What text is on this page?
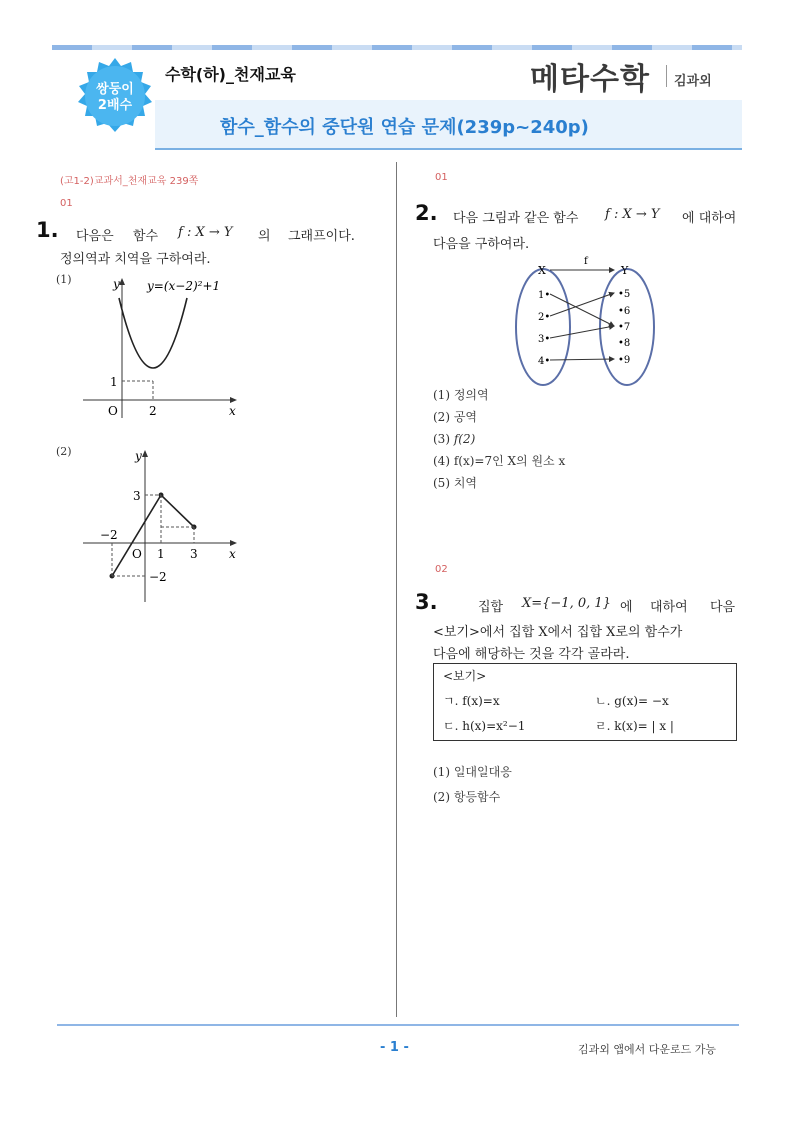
쌍둥이
2배수
수학(하)_천재교육	메타수학 김과외
함수_함수의 중단원 연습 문제(239p~240p)
(고1-2)교과서_천재교육 239쪽
01
1. 다음은 함수 f : X → Y 의 그래프이다.
정의역과 치역을 구하여라.
(1)	y y=(x−2)²+1
1
O	2	x
(2)	y
3
−2
O 1 3
−2
x
01
2. 다음 그림과 같은 함수 f : X → Y 에 대하여
다음을 구하여라.
X	Y
f
1•
2•
3•
4•
•5
•6
•7
•8
•9
(1) 정의역
(2) 공역
(3) f(2)
(4) f(x)=7인 X의 원소 x
(5) 치역
02
3.	집합 X={−1, 0, 1} 에 대하여 다음
<보기>에서 집합 X에서 집합 X로의 함수가
다음에 해당하는 것을 각각 골라라.
<보기>
ㄱ. f(x)=x	ㄴ. g(x)= −x
ㄷ. h(x)=x²−1	ㄹ. k(x)= | x |
(1) 일대일대응
(2) 항등함수
- 1 -	김과외 앱에서 다운로드 가능
